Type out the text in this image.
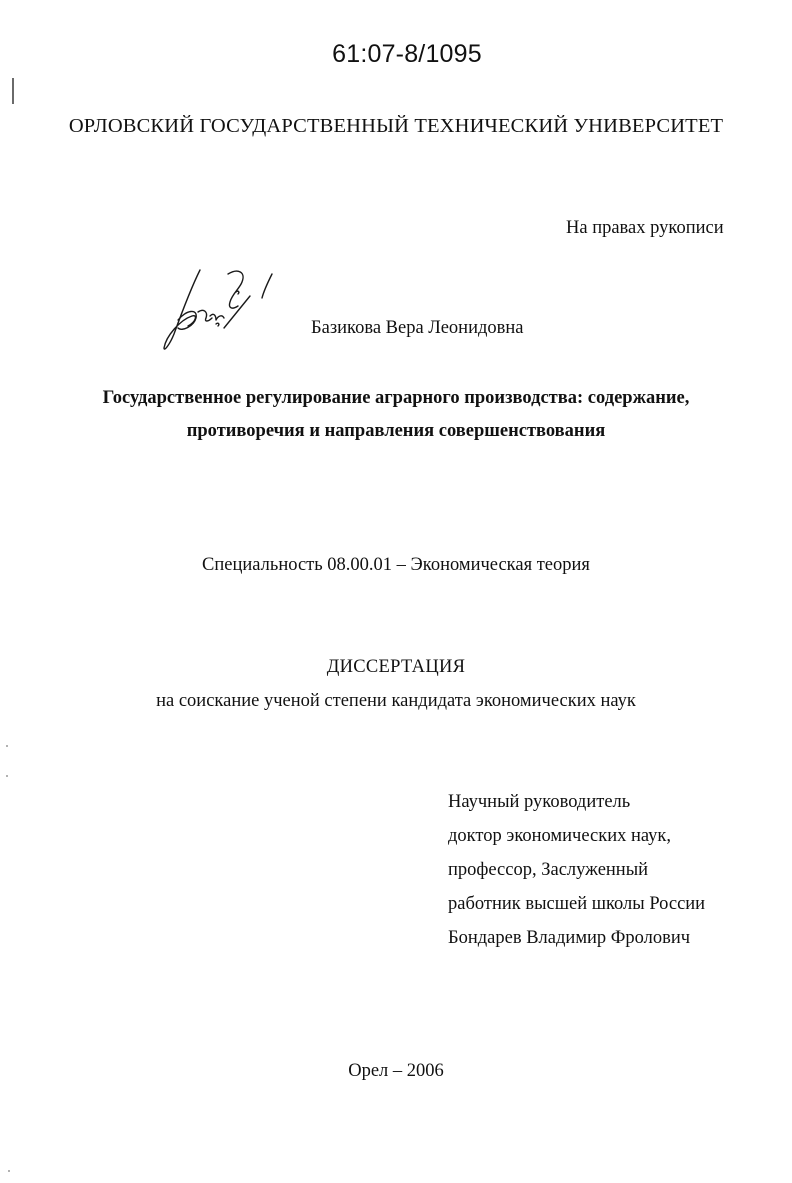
61:07-8/1095
ОРЛОВСКИЙ ГОСУДАРСТВЕННЫЙ ТЕХНИЧЕСКИЙ УНИВЕРСИТЕТ
На правах рукописи
Базикова Вера Леонидовна
Государственное регулирование аграрного производства: содержание,
противоречия и направления совершенствования
Специальность 08.00.01 – Экономическая теория
ДИССЕРТАЦИЯ
на соискание ученой степени кандидата экономических наук
Научный руководитель
доктор экономических наук,
профессор, Заслуженный
работник высшей школы России
Бондарев Владимир Фролович
Орел – 2006
